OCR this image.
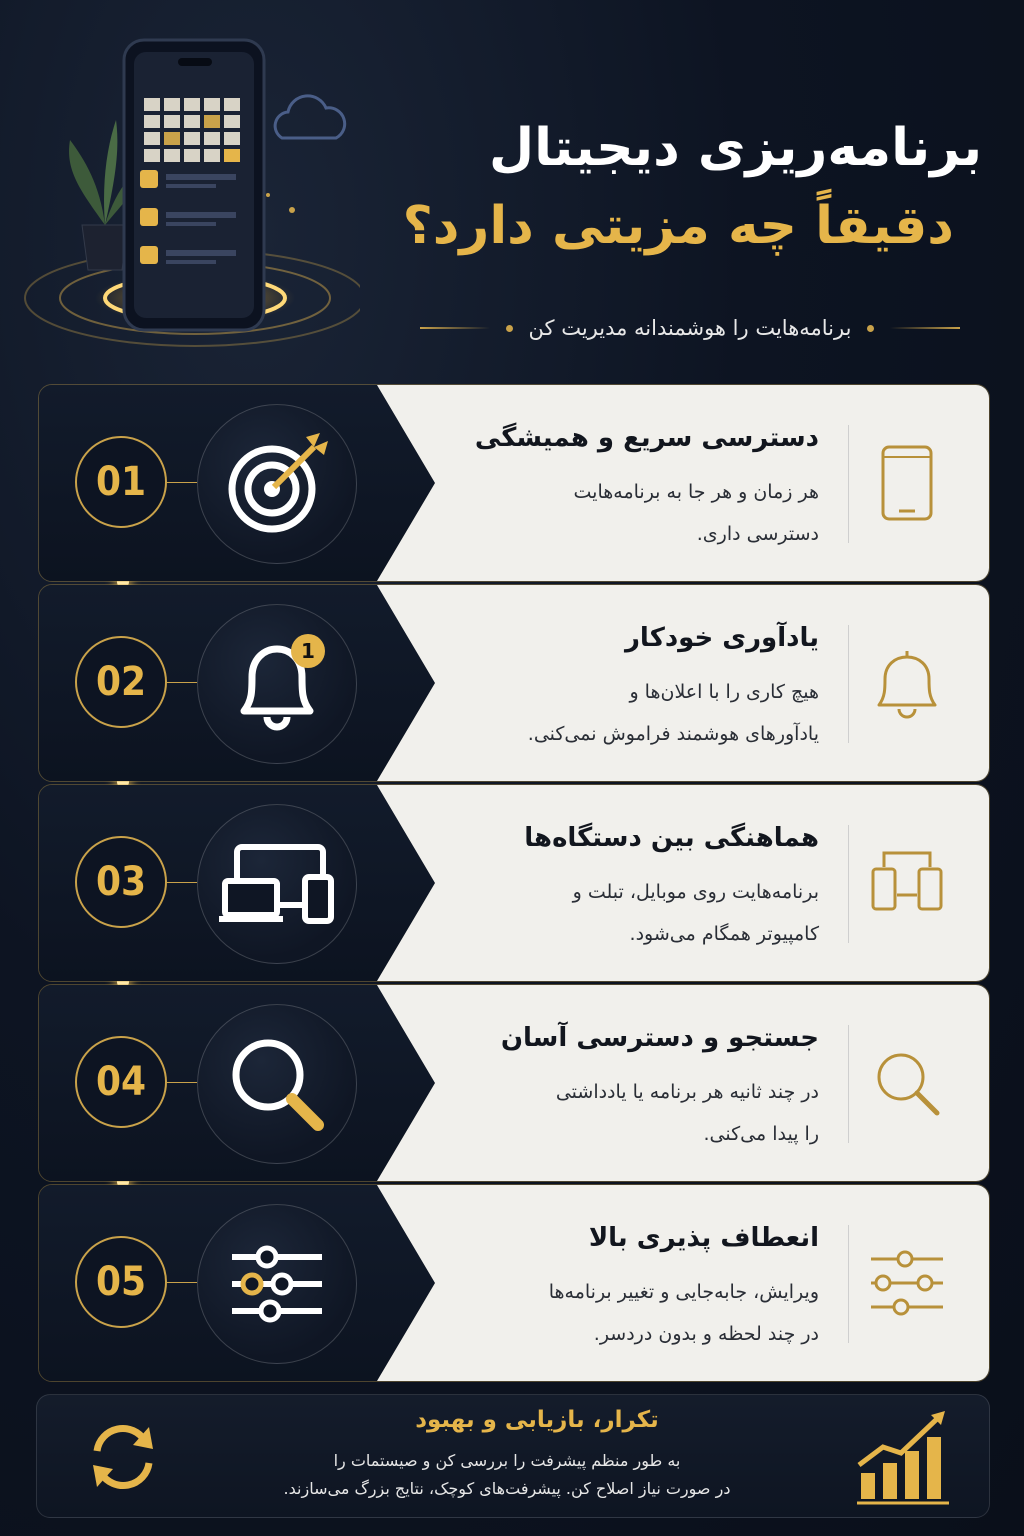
برنامه‌ریزی دیجیتال
دقیقاً چه مزیتی دارد؟
برنامه‌هایت را هوشمندانه مدیریت کن
01
دسترسی سریع و همیشگی
هر زمان و هر جا به برنامه‌هایت
دسترسی داری.
02
1	یادآوری خودکار
هیچ کاری را با اعلان‌ها و
یادآورهای هوشمند فراموش نمی‌کنی.
03
هماهنگی بین دستگاه‌ها
برنامه‌هایت روی موبایل، تبلت و
کامپیوتر همگام می‌شود.
04
جستجو و دسترسی آسان
در چند ثانیه هر برنامه یا یادداشتی
را پیدا می‌کنی.
05
انعطاف پذیری بالا
ویرایش، جابه‌جایی و تغییر برنامه‌ها
در چند لحظه و بدون دردسر.
تکرار، بازیابی و بهبود
به طور منظم پیشرفت را بررسی کن و صیستمات را
در صورت نیاز اصلاح کن. پیشرفت‌های کوچک، نتایج بزرگ می‌سازند.
